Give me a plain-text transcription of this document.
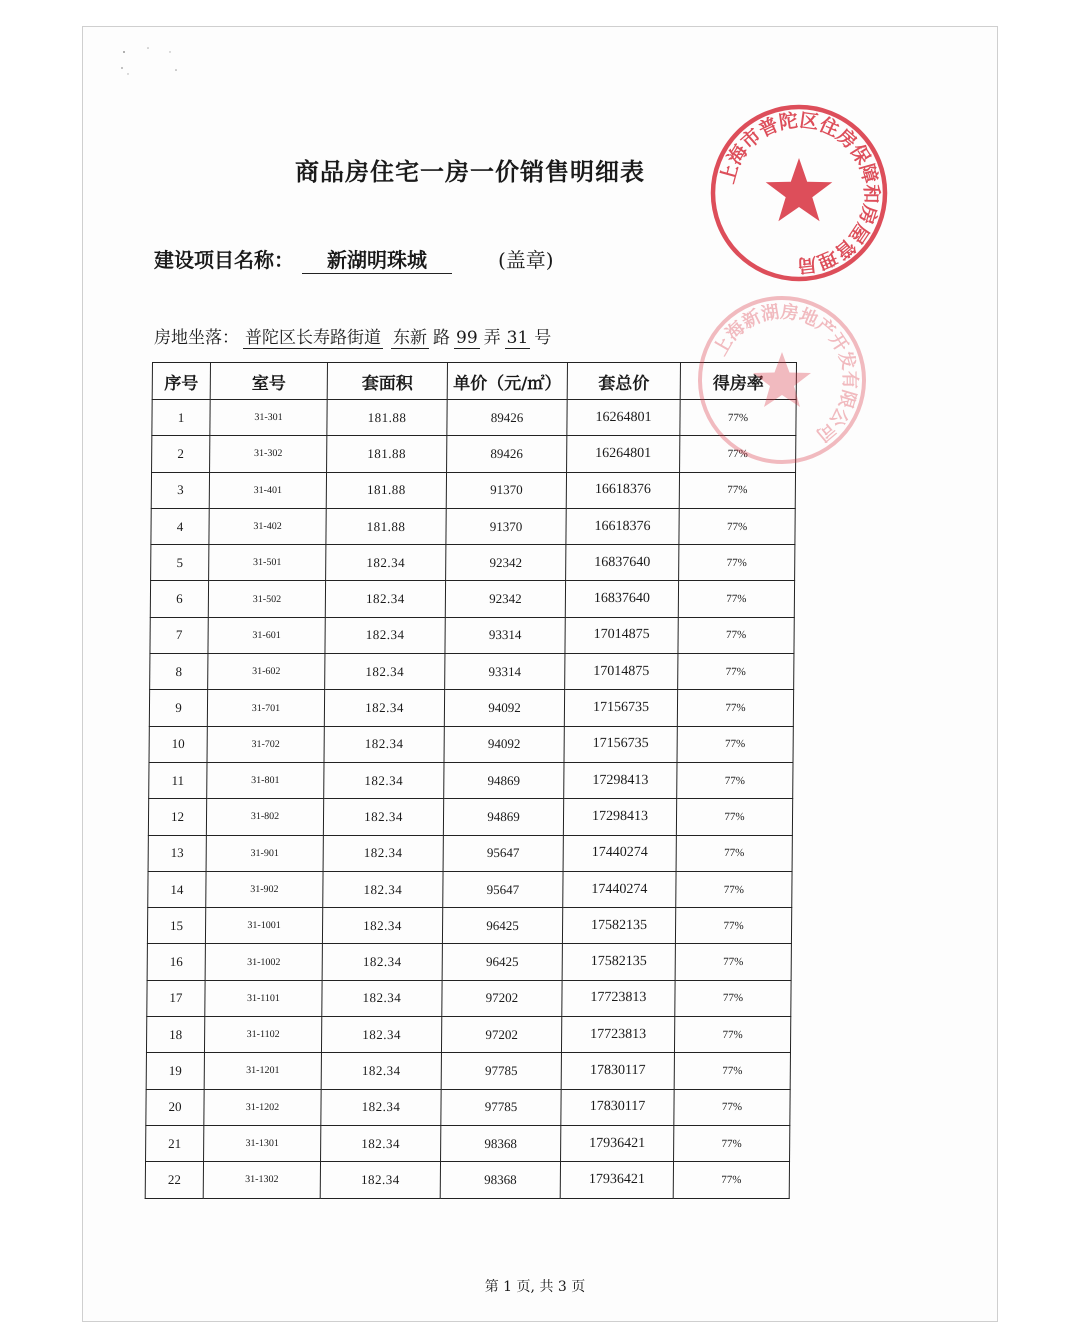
商品房住宅一房一价销售明细表
建设项目名称：	新湖明珠城	(盖章)
房地坐落： 普陀区长寿路街道 东新 路 99 弄 31 号
序号	室号	套面积	单价（元/㎡）	套总价	得房率
1	31-301	181.88	89426	16264801	77%
2	31-302	181.88	89426	16264801	77%
3	31-401	181.88	91370	16618376	77%
4	31-402	181.88	91370	16618376	77%
5	31-501	182.34	92342	16837640	77%
6	31-502	182.34	92342	16837640	77%
7	31-601	182.34	93314	17014875	77%
8	31-602	182.34	93314	17014875	77%
9	31-701	182.34	94092	17156735	77%
10	31-702	182.34	94092	17156735	77%
11	31-801	182.34	94869	17298413	77%
12	31-802	182.34	94869	17298413	77%
13	31-901	182.34	95647	17440274	77%
14	31-902	182.34	95647	17440274	77%
15	31-1001	182.34	96425	17582135	77%
16	31-1002	182.34	96425	17582135	77%
17	31-1101	182.34	97202	17723813	77%
18	31-1102	182.34	97202	17723813	77%
19	31-1201	182.34	97785	17830117	77%
20	31-1202	182.34	97785	17830117	77%
21	31-1301	182.34	98368	17936421	77%
22	31-1302	182.34	98368	17936421	77%
第 1 页, 共 3 页
上海市普陀区住房保障和房屋管理局
上海新湖房地产开发有限公司
